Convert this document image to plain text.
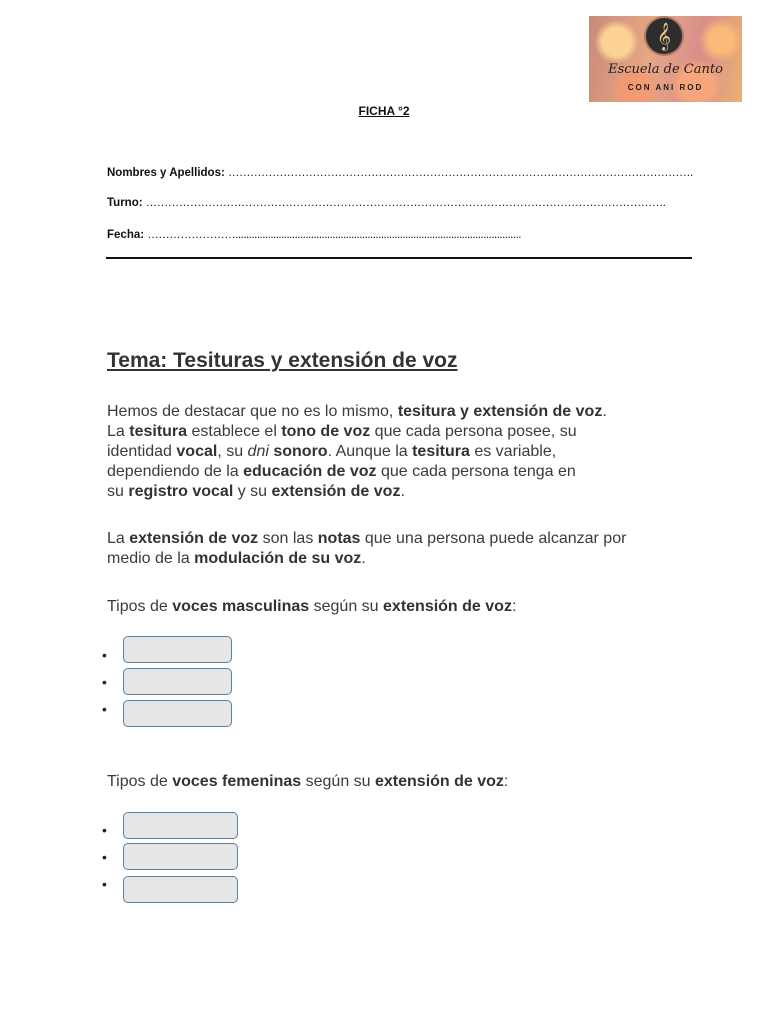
𝄞
Escuela de Canto
CON ANI ROD
FICHA °2
Nombres y Apellidos: ……………………………………………………………………………………………………………….
Turno: …………………………………………………………………………………………………………………………….
Fecha: ……………………..........................................................................................................
Tema: Tesituras y extensión de voz
Hemos de destacar que no es lo mismo, tesitura y extensión de voz.
La tesitura establece el tono de voz que cada persona posee, su
identidad vocal, su dni sonoro. Aunque la tesitura es variable,
dependiendo de la educación de voz que cada persona tenga en
su registro vocal y su extensión de voz.
La extensión de voz son las notas que una persona puede alcanzar por
medio de la modulación de su voz.
Tipos de voces masculinas según su extensión de voz:
•
•
•
Tipos de voces femeninas según su extensión de voz:
•
•
•
